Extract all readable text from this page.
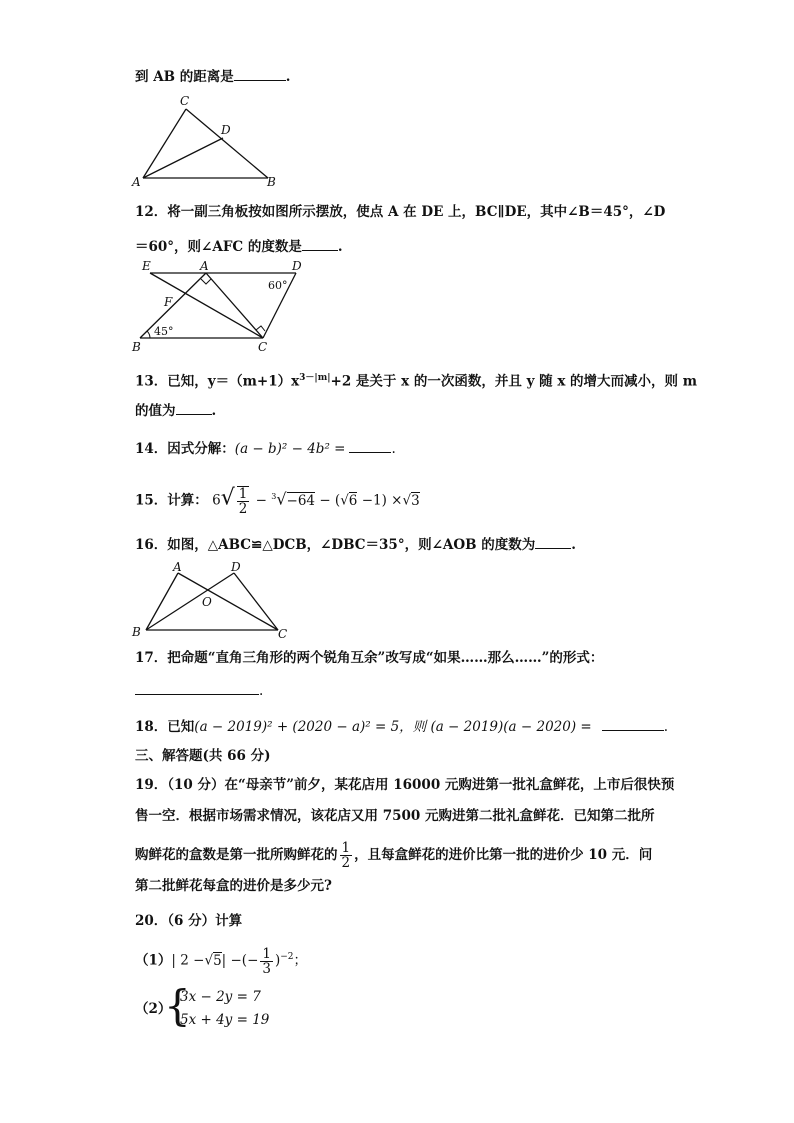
到 AB 的距离是	.
C
D
A	B
12．将一副三角板按如图所示摆放，使点 A 在 DE 上，BC∥DE，其中∠B＝45°，∠D
＝60°，则∠AFC 的度数是	.
E	A	D
F
B	C
60°
45°
13．已知，$y=(m+1)x^{3-|m|}+2$ 是关于 x 的一次函数，并且 y 随 x 的增大而减小，则 m
的值为	.
14．因式分解：(a − b)² − 4b² =	.
15．计算： $6√ \frac{1}{2} - ^3√-64 - (√6 -1) \times√3$
16．如图，△ABC≌△DCB，∠DBC＝35°，则∠AOB 的度数为	.
A	D
O
B	C
17．把命题“直角三角形的两个锐角互余”改写成“如果……那么……”的形式：
.
18．已知(a − 2019)² + (2020 − a)² = 5，则 (a − 2019)(a − 2020) =	.
三、解答题(共 66 分)
19．（10 分）在“母亲节”前夕，某花店用 16000 元购进第一批礼盒鲜花，上市后很快预
售一空．根据市场需求情况，该花店又用 7500 元购进第二批礼盒鲜花．已知第二批所
购鲜花的盒数是第一批所购鲜花的 $\frac{1}{2}$ ，且每盒鲜花的进价比第一批的进价少 10 元．问
第二批鲜花每盒的进价是多少元?
20．（6 分）计算
（1）| 2 −√5| −(− $\frac{1}{3} )^{-2}$；
（2）
{
3x − 2y = 7
5x + 4y = 19
